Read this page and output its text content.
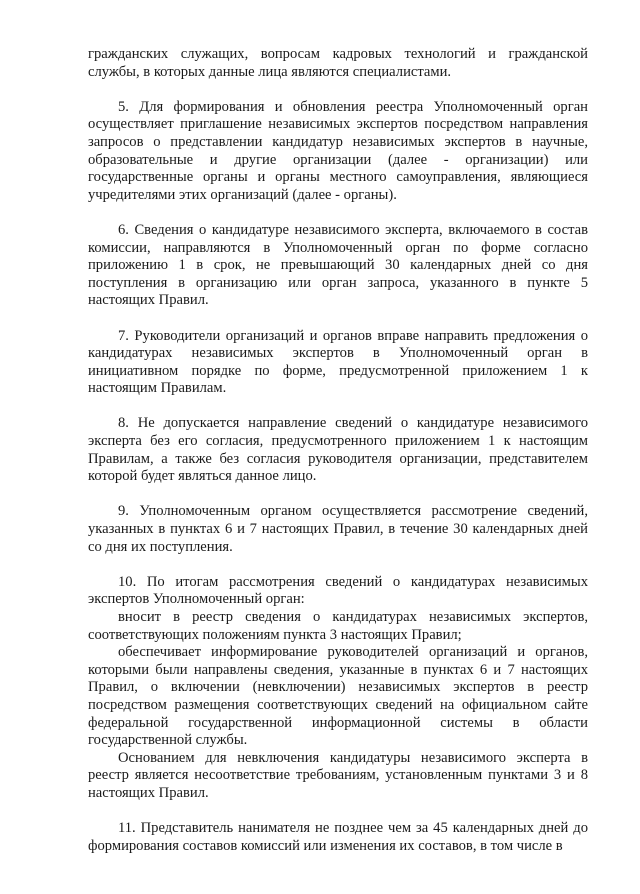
гражданских служащих, вопросам кадровых технологий и гражданской службы, в которых данные лица являются специалистами.

5. Для формирования и обновления реестра Уполномоченный орган осуществляет приглашение независимых экспертов посредством направления запросов о представлении кандидатур независимых экспертов в научные, образовательные и другие организации (далее - организации) или государственные органы и органы местного самоуправления, являющиеся учредителями этих организаций (далее - органы).

6. Сведения о кандидатуре независимого эксперта, включаемого в состав комиссии, направляются в Уполномоченный орган по форме согласно приложению 1 в срок, не превышающий 30 календарных дней со дня поступления в организацию или орган запроса, указанного в пункте 5 настоящих Правил.

7. Руководители организаций и органов вправе направить предложения о кандидатурах независимых экспертов в Уполномоченный орган в инициативном порядке по форме, предусмотренной приложением 1 к настоящим Правилам.

8. Не допускается направление сведений о кандидатуре независимого эксперта без его согласия, предусмотренного приложением 1 к настоящим Правилам, а также без согласия руководителя организации, представителем которой будет являться данное лицо.

9. Уполномоченным органом осуществляется рассмотрение сведений, указанных в пунктах 6 и 7 настоящих Правил, в течение 30 календарных дней со дня их поступления.

10. По итогам рассмотрения сведений о кандидатурах независимых экспертов Уполномоченный орган:

вносит в реестр сведения о кандидатурах независимых экспертов, соответствующих положениям пункта 3 настоящих Правил;

обеспечивает информирование руководителей организаций и органов, которыми были направлены сведения, указанные в пунктах 6 и 7 настоящих Правил, о включении (невключении) независимых экспертов в реестр посредством размещения соответствующих сведений на официальном сайте федеральной государственной информационной системы в области государственной службы.

Основанием для невключения кандидатуры независимого эксперта в реестр является несоответствие требованиям, установленным пунктами 3 и 8 настоящих Правил.

11. Представитель нанимателя не позднее чем за 45 календарных дней до формирования составов комиссий или изменения их составов, в том числе в
